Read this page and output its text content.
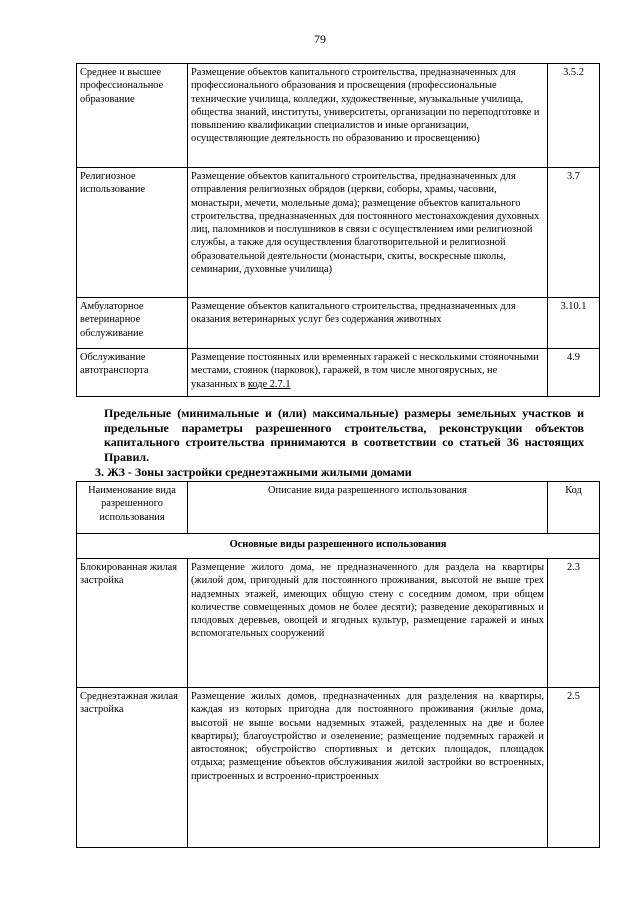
79
Среднее и высшее профессиональное образование	Размещение объектов капитального строительства, предназначенных для профессионального образования и просвещения (профессиональные технические училища, колледжи, художественные, музыкальные училища, общества знаний, институты, университеты, организации по переподготовке и повышению квалификации специалистов и иные организации, осуществляющие деятельность по образованию и просвещению)	3.5.2
Религиозное использование	Размещение объектов капитального строительства, предназначенных для отправления религиозных обрядов (церкви, соборы, храмы, часовни, монастыри, мечети, молельные дома); размещение объектов капитального строительства, предназначенных для постоянного местонахождения духовных лиц, паломников и послушников в связи с осуществлением ими религиозной службы, а также для осуществления благотворительной и религиозной образовательной деятельности (монастыри, скиты, воскресные школы, семинарии, духовные училища)	3.7
Амбулаторное ветеринарное обслуживание	Размещение объектов капитального строительства, предназначенных для оказания ветеринарных услуг без содержания животных	3.10.1
Обслуживание автотранспорта	Размещение постоянных или временных гаражей с несколькими стояночными местами, стоянок (парковок), гаражей, в том числе многоярусных, не указанных в коде 2.7.1	4.9
Предельные (минимальные и (или) максимальные) размеры земельных участков и предельные параметры разрешенного строительства, реконструкции объектов капитального строительства принимаются в соответствии со статьей 36 настоящих Правил.
3. ЖЗ - Зоны застройки среднеэтажными жилыми домами
Наименование вида разрешенного использования	Описание вида разрешенного использования	Код
Основные виды разрешенного использования		
Блокированная жилая застройка	Размещение жилого дома, не предназначенного для раздела на квартиры (жилой дом, пригодный для постоянного проживания, высотой не выше трех надземных этажей, имеющих общую стену с соседним домом, при общем количестве совмещенных домов не более десяти); разведение декоративных и плодовых деревьев, овощей и ягодных культур, размещение гаражей и иных вспомогательных сооружений	2.3
Среднеэтажная жилая застройка	Размещение жилых домов, предназначенных для разделения на квартиры, каждая из которых пригодна для постоянного проживания (жилые дома, высотой не выше восьми надземных этажей, разделенных на две и более квартиры); благоустройство и озеленение; размещение подземных гаражей и автостоянок; обустройство спортивных и детских площадок, площадок отдыха; размещение объектов обслуживания жилой застройки во встроенных, пристроенных и встроенно-пристроенных	2.5
